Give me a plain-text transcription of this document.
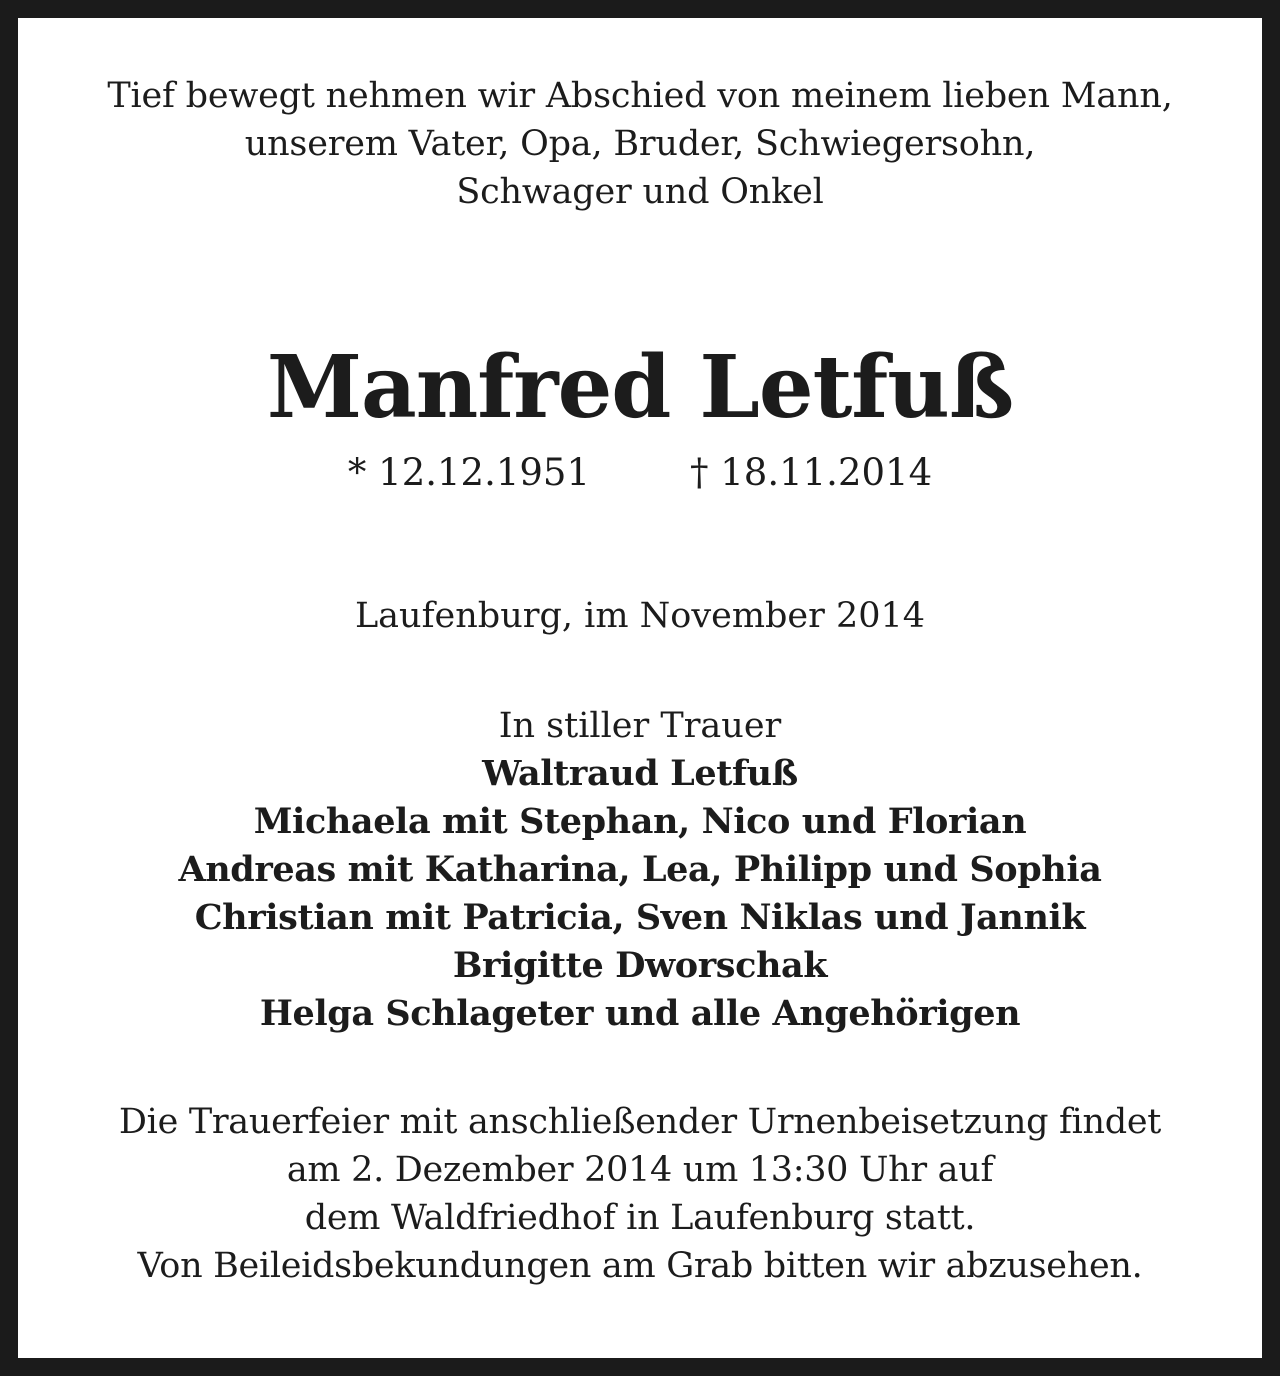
Tief bewegt nehmen wir Abschied von meinem lieben Mann,

unserem Vater, Opa, Bruder, Schwiegersohn,

Schwager und Onkel

Manfred Letfuß

* 12.12.1951	† 18.11.2014

Laufenburg, im November 2014

In stiller Trauer

Waltraud Letfuß

Michaela mit Stephan, Nico und Florian

Andreas mit Katharina, Lea, Philipp und Sophia

Christian mit Patricia, Sven Niklas und Jannik

Brigitte Dworschak

Helga Schlageter und alle Angehörigen

Die Trauerfeier mit anschließender Urnenbeisetzung findet

am 2. Dezember 2014 um 13:30 Uhr auf

dem Waldfriedhof in Laufenburg statt.

Von Beileidsbekundungen am Grab bitten wir abzusehen.
